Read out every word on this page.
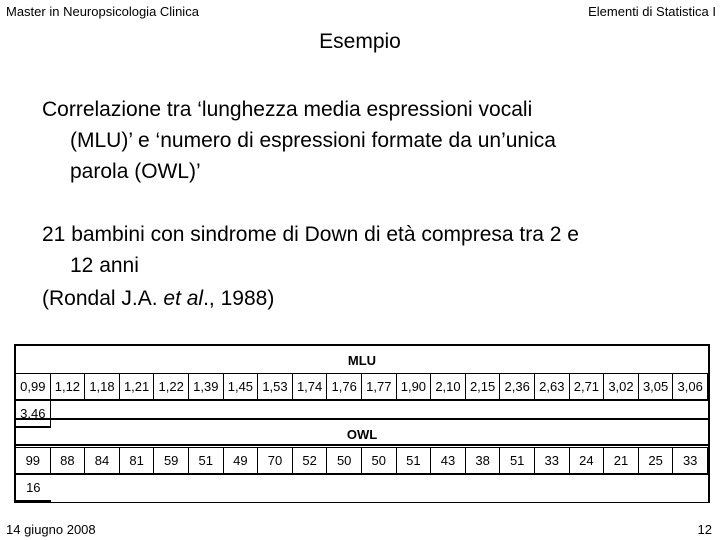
Master in Neuropsicologia Clinica	Elementi di Statistica I
Esempio
Correlazione tra ‘lunghezza media espressioni vocali
(MLU)’ e ‘numero di espressioni formate da un’unica
parola (OWL)’
21 bambini con sindrome di Down di età compresa tra 2 e
12 anni
(Rondal J.A. et al., 1988)
MLU
0,99 1,12 1,18 1,21 1,22 1,39 1,45 1,53 1,74 1,76 1,77 1,90 2,10 2,15 2,36 2,63 2,71 3,02 3,05 3,06
3,46
OWL
99	88	84	81	59	51	49	70	52	50	50	51	43	38	51	33	24	21	25	33
16
14 giugno 2008	12
